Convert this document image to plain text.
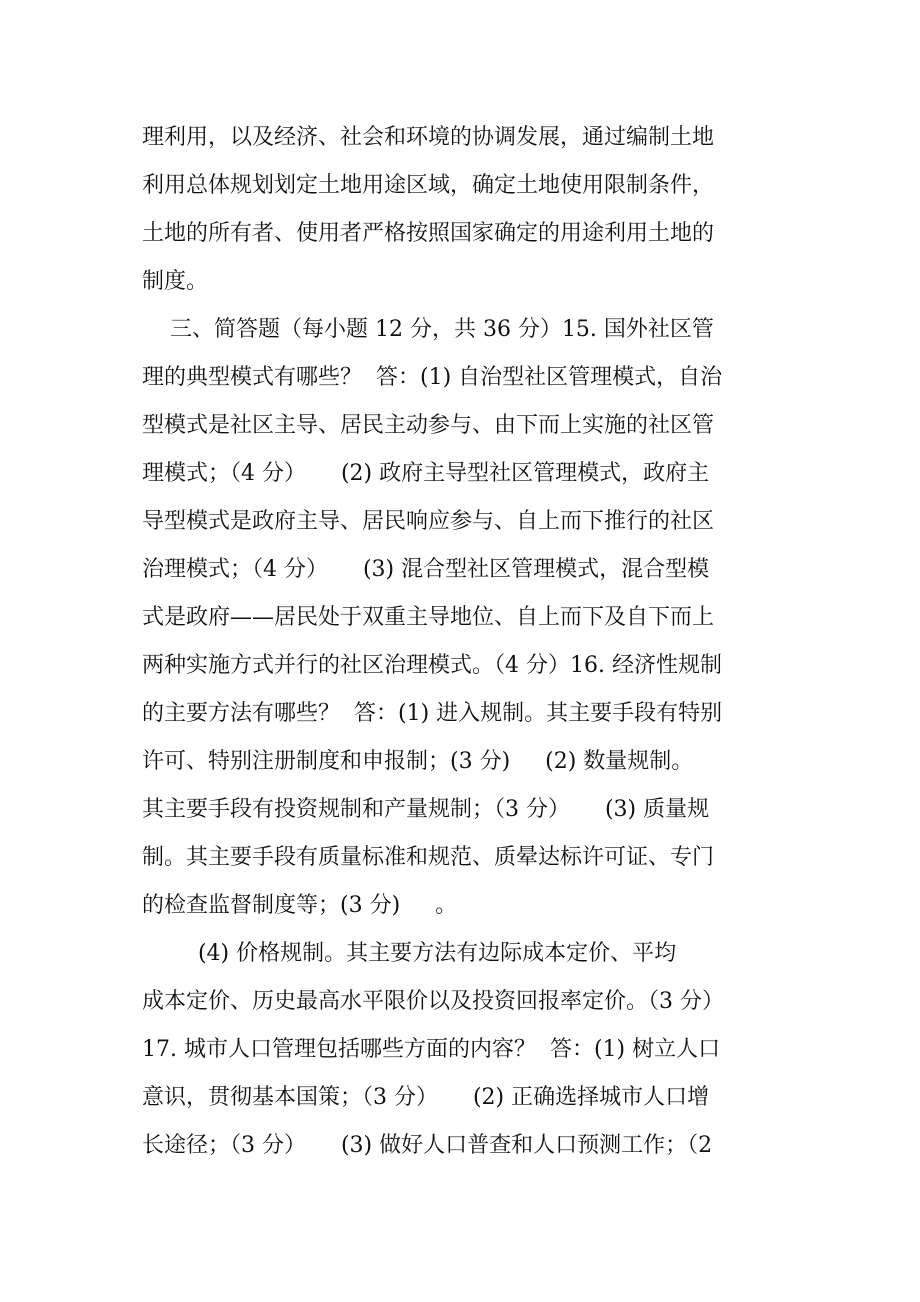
理利用，以及经济、社会和环境的协调发展，通过编制土地
利用总体规划划定土地用途区域，确定土地使用限制条件，
土地的所有者、使用者严格按照国家确定的用途利用土地的
制度。
三、简答题（每小题 12 分，共 36 分）15. 国外社区管
理的典型模式有哪些？  答：(1) 自治型社区管理模式，自治
型模式是社区主导、居民主动参与、由下而上实施的社区管
理模式；（4 分）     (2) 政府主导型社区管理模式，政府主
导型模式是政府主导、居民响应参与、自上而下推行的社区
治理模式；（4 分）     (3) 混合型社区管理模式，混合型模
式是政府——居民处于双重主导地位、自上而下及自下而上
两种实施方式并行的社区治理模式。（4 分）16. 经济性规制
的主要方法有哪些？  答：(1) 进入规制。其主要手段有特别
许可、特别注册制度和申报制；(3 分)     (2) 数量规制。
其主要手段有投资规制和产量规制；（3 分）     (3) 质量规
制。其主要手段有质量标准和规范、质晕达标许可证、专门
的检查监督制度等；(3 分)     。
(4) 价格规制。其主要方法有边际成本定价、平均
成本定价、历史最高水平限价以及投资回报率定价。（3 分）
17. 城市人口管理包括哪些方面的内容？  答：(1) 树立人口
意识，贯彻基本国策；（3 分）     (2) 正确选择城市人口增
长途径；（3 分）     (3) 做好人口普查和人口预测工作；（2
